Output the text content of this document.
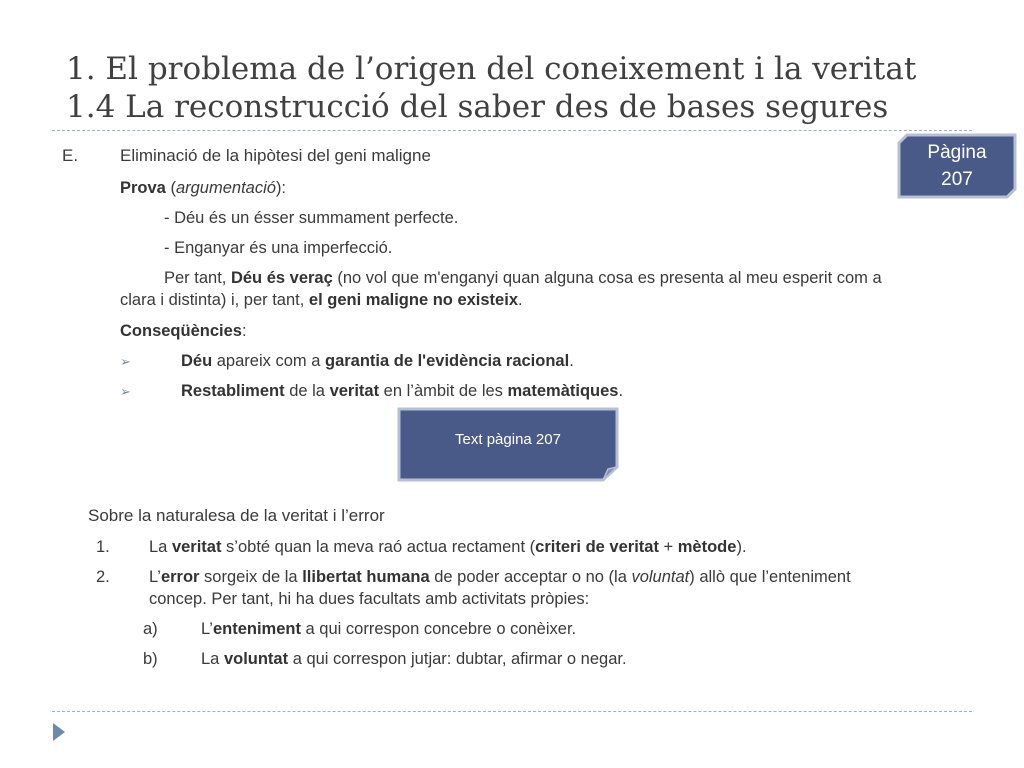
1. El problema de l’origen del coneixement i la veritat
1.4 La reconstrucció del saber des de bases segures
E. Eliminació de la hipòtesi del geni maligne
Prova (argumentació):
- Déu és un ésser summament perfecte.
- Enganyar és una imperfecció.
Per tant, Déu és veraç (no vol que m'enganyi quan alguna cosa es presenta al meu esperit com a
clara i distinta) i, per tant, el geni maligne no existeix.
Conseqüències:
➢	Déu apareix com a garantia de l'evidència racional.
➢	Restabliment de la veritat en l’àmbit de les matemàtiques.
Pàgina
207
Text pàgina 207
Sobre la naturalesa de la veritat i l’error
1. La veritat s’obté quan la meva raó actua rectament (criteri de veritat + mètode).
2. L’error sorgeix de la llibertat humana de poder acceptar o no (la voluntat) allò que l’enteniment
concep. Per tant, hi ha dues facultats amb activitats pròpies:
a)	L’enteniment a qui correspon concebre o conèixer.
b)	La voluntat a qui correspon jutjar: dubtar, afirmar o negar.
